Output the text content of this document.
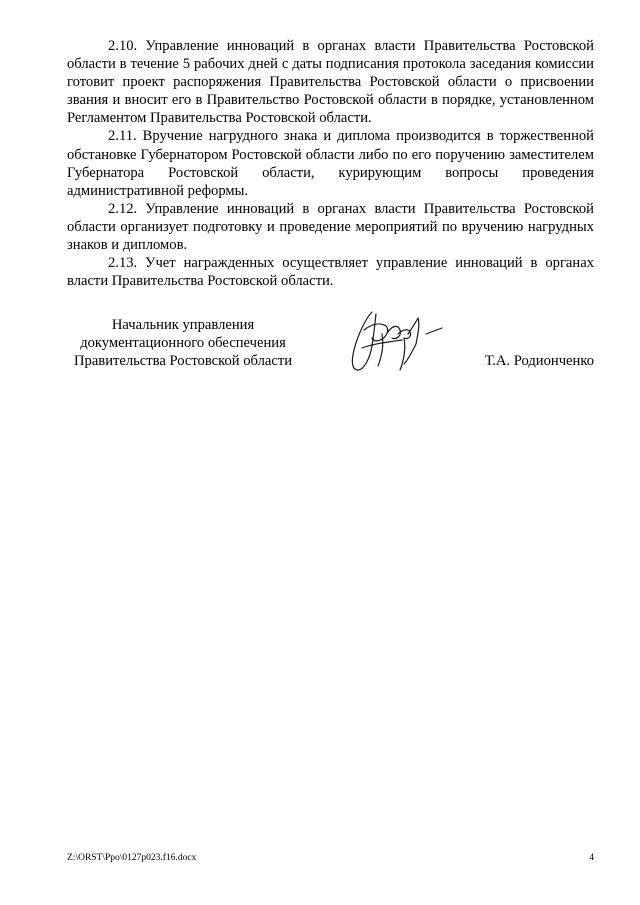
2.10. Управление инноваций в органах власти Правительства Ростовской области в течение 5 рабочих дней с даты подписания протокола заседания комиссии готовит проект распоряжения Правительства Ростовской области о присвоении звания и вносит его в Правительство Ростовской области в порядке, установленном Регламентом Правительства Ростовской области.

2.11. Вручение нагрудного знака и диплома производится в торжественной обстановке Губернатором Ростовской области либо по его поручению заместителем Губернатора Ростовской области, курирующим вопросы проведения административной реформы.

2.12. Управление инноваций в органах власти Правительства Ростовской области организует подготовку и проведение мероприятий по вручению нагрудных знаков и дипломов.

2.13. Учет награжденных осуществляет управление инноваций в органах власти Правительства Ростовской области.

Начальник управления
документационного обеспечения
Правительства Ростовской области	Т.А. Родионченко
Z:\ORST\Ppo\0127p023.f16.docx	4
